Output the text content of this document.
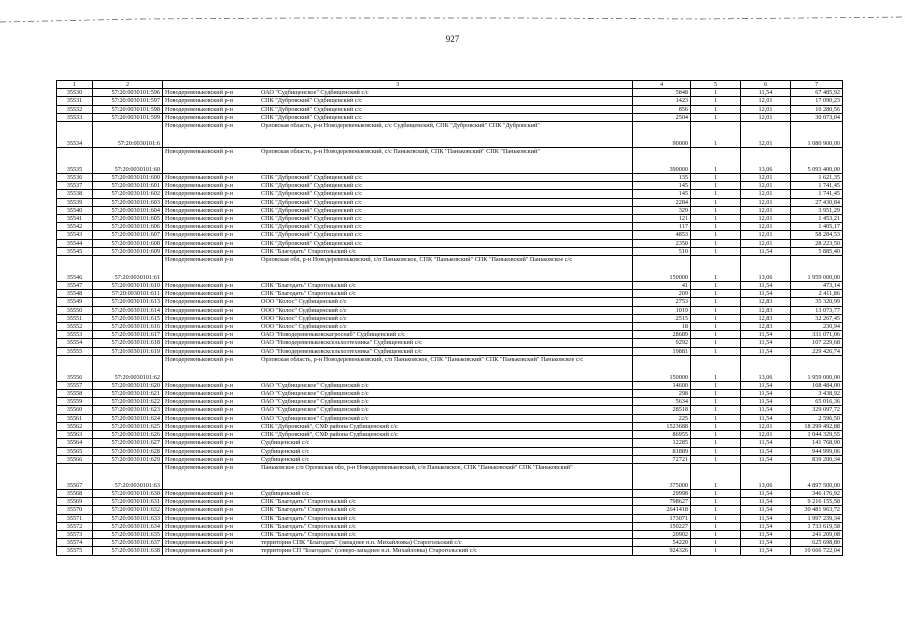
927
1	2	3	4	5	6	7
35530	57:20:0030101:596	Новодеревеньковский р-н ОАО "Судбищенское" Судбищенский с/с	5848	1	11,54	67 485,92
35531	57:20:0030101:597	Новодеревеньковский р-н СПК "Дубровский" Судбищенский с/с	1423	1	12,01	17 090,23
35532	57:20:0030101:598	Новодеревеньковский р-н СПК "Дубровский" Судбищенский с/с	856	1	12,01	10 280,56
35533	57:20:0030101:599	Новодеревеньковский р-н СПК "Дубровский" Судбищенский с/с	2504	1	12,01	30 073,04
35534	57:20:0030101:6	Новодеревеньковский р-н Орловская область, р-н Новодеревеньковский, с/с Судбищенский, СПК "Дубровский" СПК "Дубровский"	90000	1	12,01	1 080 900,00
35535	57:20:0030101:60	Новодеревеньковский р-н Орловская область, р-н Новодеревеньковский, с/с Паньковский, СПК "Паньковский" СПК "Паньковский"	390000	1	13,06	5 093 400,00
35536	57:20:0030101:600	Новодеревеньковский р-н СПК "Дубровский" Судбищенский с/с	135	1	12,01	1 621,35
35537	57:20:0030101:601	Новодеревеньковский р-н СПК "Дубровский" Судбищенский с/с	145	1	12,01	1 741,45
35538	57:20:0030101:602	Новодеревеньковский р-н СПК "Дубровский" Судбищенский с/с	145	1	12,01	1 741,45
35539	57:20:0030101:603	Новодеревеньковский р-н СПК "Дубровский" Судбищенский с/с	2284	1	12,01	27 430,84
35540	57:20:0030101:604	Новодеревеньковский р-н СПК "Дубровский" Судбищенский с/с	329	1	12,01	3 951,29
35541	57:20:0030101:605	Новодеревеньковский р-н СПК "Дубровский" Судбищенский с/с	121	1	12,01	1 453,21
35542	57:20:0030101:606	Новодеревеньковский р-н СПК "Дубровский" Судбищенский с/с	117	1	12,01	1 405,17
35543	57:20:0030101:607	Новодеревеньковский р-н СПК "Дубровский" Судбищенский с/с	4853	1	12,01	58 284,53
35544	57:20:0030101:608	Новодеревеньковский р-н СПК "Дубровский" Судбищенский с/с	2350	1	12,01	28 223,50
35545	57:20:0030101:609	Новодеревеньковский р-н СПК "Благодать" Старогольский с/с	510	1	11,54	5 885,40
35546	57:20:0030101:61	Новодеревеньковский р-н Орловская обл, р-н Новодеревеньковский, с/п Паньковское, СПК "Паньковский" СПК "Паньковский" Паньковское с/с	150000	1	13,06	1 959 000,00
35547	57:20:0030101:610	Новодеревеньковский р-н СПК "Благодать" Старогольский с/с	41	1	11,54	473,14
35548	57:20:0030101:611	Новодеревеньковский р-н СПК "Благодать" Старогольский с/с	209	1	11,54	2 411,86
35549	57:20:0030101:613	Новодеревеньковский р-н ООО "Колос" Судбищенский с/с	2753	1	12,83	35 320,99
35550	57:20:0030101:614	Новодеревеньковский р-н ООО "Колос" Судбищенский с/с	1019	1	12,83	13 073,77
35551	57:20:0030101:615	Новодеревеньковский р-н ООО "Колос" Судбищенский с/с	2515	1	12,83	32 267,45
35552	57:20:0030101:616	Новодеревеньковский р-н ООО "Колос" Судбищенский с/с	18	1	12,83	230,94
35553	57:20:0030101:617	Новодеревеньковский р-н ОАО "Новодеревеньковскагроснаб" Судбищенский с/с	28689	1	11,54	331 071,06
35554	57:20:0030101:618	Новодеревеньковский р-н ОАО "Новодеревеньковсксельхозтехника" Судбищенский с/с	9292	1	11,54	107 229,68
35555	57:20:0030101:619	Новодеревеньковский р-н ОАО "Новодеревеньковсксельхозтехника" Судбищенский с/с	19881	1	11,54	229 426,74
35556	57:20:0030101:62	Новодеревеньковский р-н Орловская область, р-н Новодеревеньковский, с/п Паньковское, СПК "Паньковский" СПК "Паньковский" Паньковское с/с	150000	1	13,06	1 959 000,00
35557	57:20:0030101:620	Новодеревеньковский р-н ОАО "Судбищенское" Судбищенский с/с	14600	1	11,54	168 484,00
35558	57:20:0030101:621	Новодеревеньковский р-н ОАО "Судбищенское" Судбищенский с/с	298	1	11,54	3 438,92
35559	57:20:0030101:622	Новодеревеньковский р-н ОАО "Судбищенское" Судбищенский с/с	5634	1	11,54	65 016,36
35560	57:20:0030101:623	Новодеревеньковский р-н ОАО "Судбищенское" Судбищенский с/с	28518	1	11,54	329 097,72
35561	57:20:0030101:624	Новодеревеньковский р-н ОАО "Судбищенское" Судбищенский с/с	225	1	11,54	2 596,50
35562	57:20:0030101:625	Новодеревеньковский р-н СПК "Дубровский", СХФ района Судбищенский с/с	1523688	1	12,01	18 299 492,88
35563	57:20:0030101:626	Новодеревеньковский р-н СПК "Дубровский", СХФ района Судбищенский с/с	86955	1	12,01	1 044 329,55
35564	57:20:0030101:627	Новодеревеньковский р-н Судбищенский с/с	12285	1	11,54	141 768,90
35565	57:20:0030101:628	Новодеревеньковский р-н Судбищенский с/с	81889	1	11,54	944 999,06
35566	57:20:0030101:629	Новодеревеньковский р-н Судбищенский с/с	72721	1	11,54	839 200,34
35567	57:20:0030101:63	Новодеревеньковский р-н Паньковское с/п Орловская обл, р-н Новодеревеньковский, с/п Паньковское, СПК "Паньковский" СПК "Паньковский"	375000	1	13,06	4 897 500,00
35568	57:20:0030101:630	Новодеревеньковский р-н Судбищенский с/с	29998	1	11,54	346 176,92
35569	57:20:0030101:631	Новодеревеньковский р-н СПК "Благодать" Старогольский с/с	798627	1	11,54	9 216 155,58
35570	57:20:0030101:632	Новодеревеньковский р-н СПК "Благодать" Старогольский с/с	2641418	1	11,54	30 481 963,72
35571	57:20:0030101:633	Новодеревеньковский р-н СПК "Благодать" Старогольский с/с	173071	1	11,54	1 997 239,34
35572	57:20:0030101:634	Новодеревеньковский р-н СПК "Благодать" Старогольский с/с	150227	1	11,54	1 733 619,58
35573	57:20:0030101:635	Новодеревеньковский р-н СПК "Благодать" Старогольский с/с	20902	1	11,54	241 209,08
35574	57:20:0030101:637	Новодеревеньковский р-н территория СПК "Благодать" (западнее н.п. Михайловка) Старогольский с/с	54220	1	11,54	625 698,80
35575	57:20:0030101:638	Новодеревеньковский р-н территория СП "Благодать" (северо-западнее н.п. Михайловка) Старогольский с/с	924326	1	11,54	10 666 722,04
